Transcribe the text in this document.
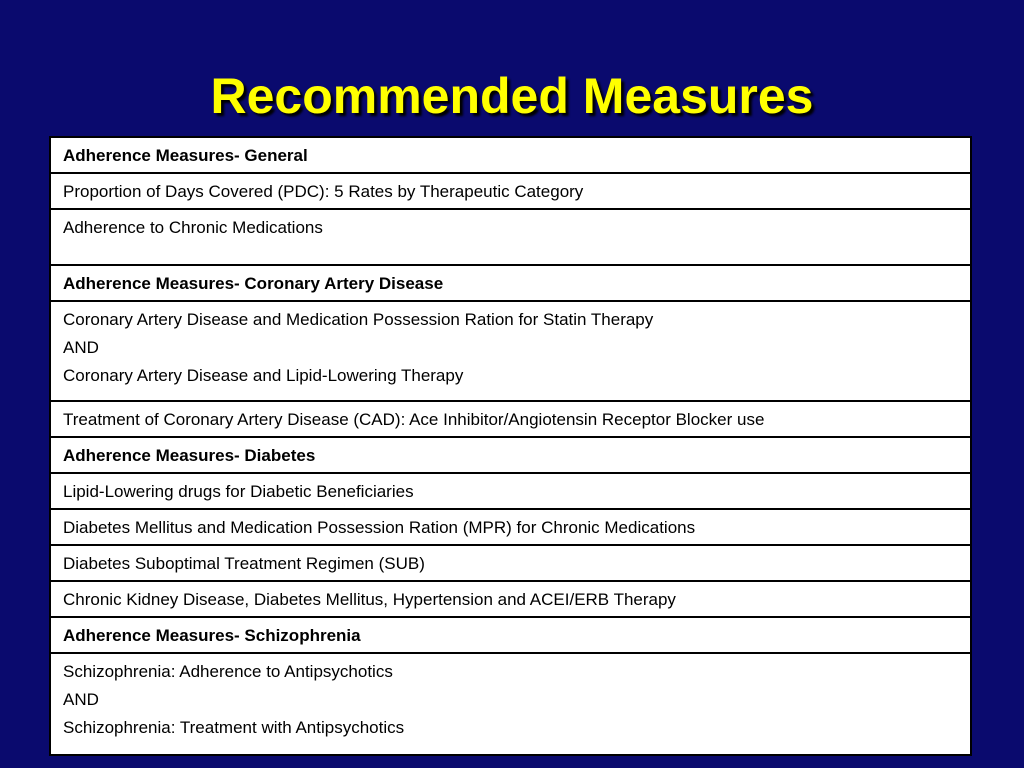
Recommended Measures
Adherence Measures- General

Proportion of Days Covered (PDC): 5 Rates by Therapeutic Category

Adherence to Chronic Medications

Adherence Measures- Coronary Artery Disease

Coronary Artery Disease and Medication Possession Ration for Statin Therapy
AND
Coronary Artery Disease and Lipid-Lowering Therapy

Treatment of Coronary Artery Disease (CAD): Ace Inhibitor/Angiotensin Receptor Blocker use

Adherence Measures- Diabetes

Lipid-Lowering drugs for Diabetic Beneficiaries

Diabetes Mellitus and Medication Possession Ration (MPR) for Chronic Medications

Diabetes Suboptimal Treatment Regimen (SUB)

Chronic Kidney Disease, Diabetes Mellitus, Hypertension and ACEI/ERB Therapy

Adherence Measures- Schizophrenia

Schizophrenia: Adherence to Antipsychotics
AND
Schizophrenia: Treatment with Antipsychotics
